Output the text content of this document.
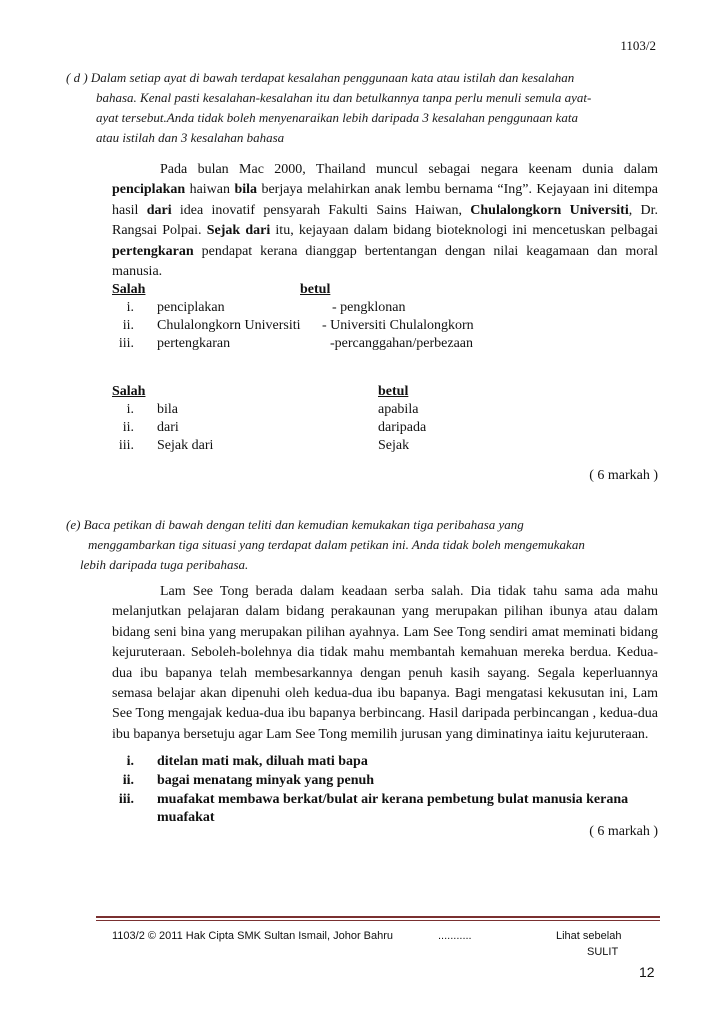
1103/2
( d ) Dalam setiap ayat di bawah terdapat kesalahan penggunaan kata atau istilah dan kesalahan
bahasa. Kenal pasti kesalahan-kesalahan itu dan betulkannya tanpa perlu menuli semula ayat-
ayat tersebut.Anda tidak boleh menyenaraikan lebih daripada 3 kesalahan penggunaan kata
atau istilah dan 3 kesalahan bahasa
Pada bulan Mac 2000, Thailand muncul sebagai negara keenam dunia dalam penciplakan haiwan bila berjaya melahirkan anak lembu bernama “Ing”. Kejayaan ini ditempa hasil dari idea inovatif pensyarah Fakulti Sains Haiwan, Chulalongkorn Universiti, Dr. Rangsai Polpai. Sejak dari itu, kejayaan dalam bidang bioteknologi ini mencetuskan pelbagai pertengkaran pendapat kerana dianggap bertentangan dengan nilai keagamaan dan moral manusia.
Salah	betul
i. penciplakan	- pengklonan
ii. Chulalongkorn Universiti - Universiti Chulalongkorn
iii. pertengkaran	-percanggahan/perbezaan
Salah	betul
i. bila	apabila
ii. dari	daripada
iii. Sejak dari	Sejak
( 6 markah )
(e) Baca petikan di bawah dengan teliti dan kemudian kemukakan tiga peribahasa yang
menggambarkan tiga situasi yang terdapat dalam petikan ini. Anda tidak boleh mengemukakan
lebih daripada tuga peribahasa.
Lam See Tong berada dalam keadaan serba salah. Dia tidak tahu sama ada mahu melanjutkan pelajaran dalam bidang perakaunan yang merupakan pilihan ibunya atau dalam bidang seni bina yang merupakan pilihan ayahnya. Lam See Tong sendiri amat meminati bidang kejuruteraan. Seboleh-bolehnya dia tidak mahu membantah kemahuan mereka berdua. Kedua-dua ibu bapanya telah membesarkannya dengan penuh kasih sayang. Segala keperluannya semasa belajar akan dipenuhi oleh kedua-dua ibu bapanya. Bagi mengatasi kekusutan ini, Lam See Tong mengajak kedua-dua ibu bapanya berbincang. Hasil daripada perbincangan , kedua-dua ibu bapanya bersetuju agar Lam See Tong memilih jurusan yang diminatinya iaitu kejuruteraan.
i. ditelan mati mak, diluah mati bapa
ii. bagai menatang minyak yang penuh
iii. muafakat membawa berkat/bulat air kerana pembetung bulat manusia kerana
muafakat
( 6 markah )
1103/2 © 2011 Hak Cipta SMK Sultan Ismail, Johor Bahru	...........	Lihat sebelah
SULIT
12
